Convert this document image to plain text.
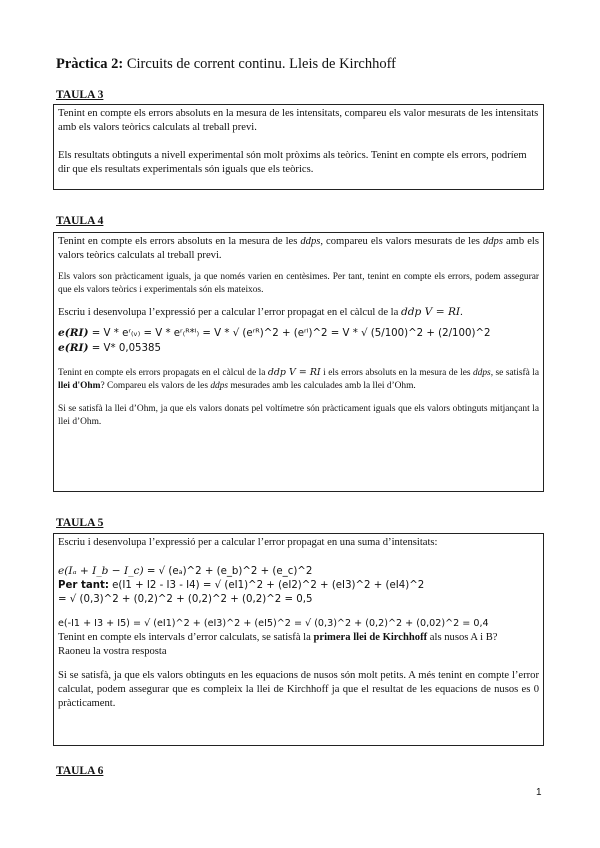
Pràctica 2: Circuits de corrent continu. Lleis de Kirchhoff
TAULA 3

Tenint en compte els errors absoluts en la mesura de les intensitats, compareu els valor mesurats de les intensitats amb els valors teòrics calculats al treball previ.

Els resultats obtinguts a nivell experimental són molt pròxims als teòrics. Tenint en compte els errors, podríem dir que els resultats experimentals són iguals que els teòrics.

TAULA 4

Tenint en compte els errors absoluts en la mesura de les ddps, compareu els valors mesurats de les ddps amb els valors teòrics calculats al treball previ.

Els valors son pràcticament iguals, ja que només varien en centèsimes. Per tant, tenint en compte els errors, podem assegurar que els valors teòrics i experimentals són els mateixos.

Escriu i desenvolupa l’expressió per a calcular l’error propagat en el càlcul de la ddp V = RI.

e(RI) = V * eʳ₍ᵥ₎ = V * eʳ₍ᴿ*ᴵ₎ = V * √ (eʳᴿ)^2 + (eʳᴵ)^2 = V * √ (5/100)^2 + (2/100)^2

e(RI) = V* 0,05385

Tenint en compte els errors propagats en el càlcul de la ddp V = RI i els errors absoluts en la mesura de les ddps, se satisfà la llei d'Ohm? Compareu els valors de les ddps mesurades amb les calculades amb la llei d’Ohm.

Si se satisfà la llei d’Ohm, ja que els valors donats pel voltímetre són pràcticament iguals que els valors obtinguts mitjançant la llei d’Ohm.

TAULA 5

Escriu i desenvolupa l’expressió per a calcular l’error propagat en una suma d’intensitats:

e(Iₐ + I_b − I_c) = √ (eₐ)^2 + (e_b)^2 + (e_c)^2

Per tant: e(I1 + I2 - I3 - I4) = √ (eI1)^2 + (eI2)^2 + (eI3)^2 + (eI4)^2

= √ (0,3)^2 + (0,2)^2 + (0,2)^2 + (0,2)^2 = 0,5

e(-I1 + I3 + I5) = √ (eI1)^2 + (eI3)^2 + (eI5)^2 = √ (0,3)^2 + (0,2)^2 + (0,02)^2 = 0,4

Tenint en compte els intervals d’error calculats, se satisfà la primera llei de Kirchhoff als nusos A i B?

Raoneu la vostra resposta

Si se satisfà, ja que els valors obtinguts en les equacions de nusos són molt petits. A més tenint en compte l’error calculat, podem assegurar que es compleix la llei de Kirchhoff ja que el resultat de les equacions de nusos es 0 pràcticament.

TAULA 6
1
